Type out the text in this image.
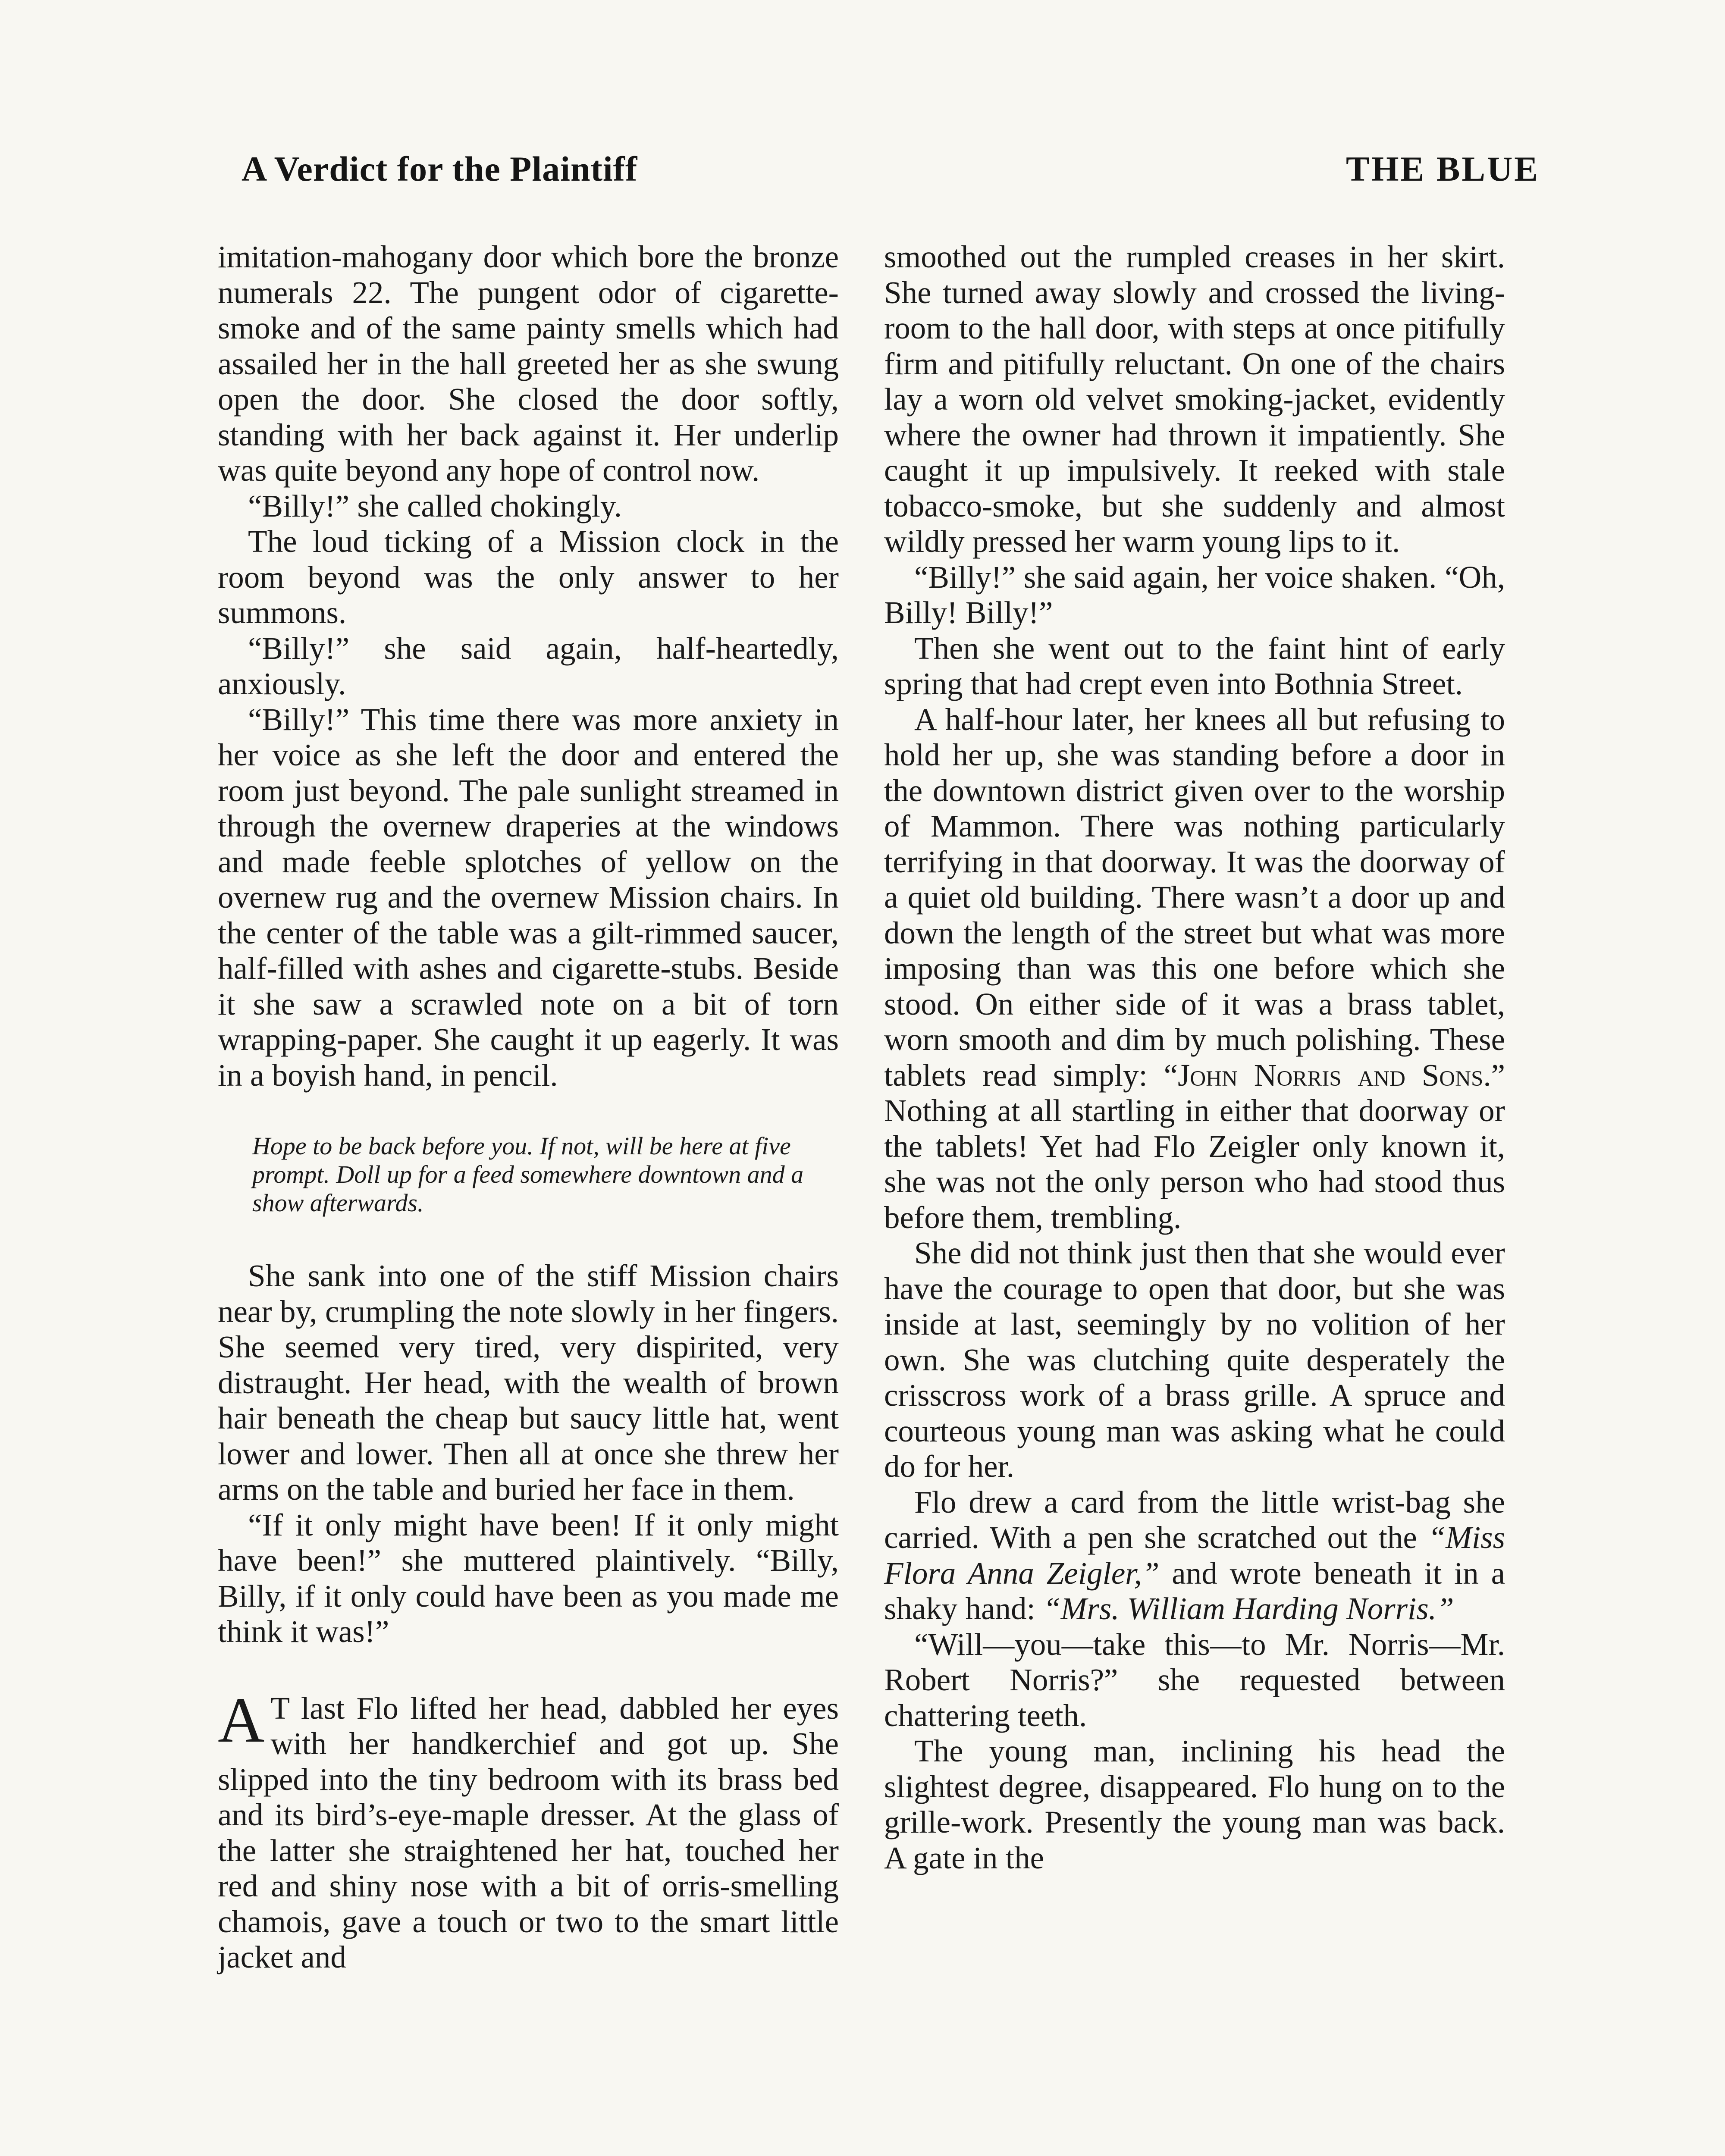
A Verdict for the Plaintiff	THE BLUE

imitation-mahogany door which bore the bronze numerals 22. The pungent odor of cigarette-smoke and of the same painty smells which had assailed her in the hall greeted her as she swung open the door. She closed the door softly, standing with her back against it. Her underlip was quite beyond any hope of control now.

“Billy!” she called chokingly.

The loud ticking of a Mission clock in the room beyond was the only answer to her summons.

“Billy!” she said again, half-heartedly, anxiously.

“Billy!” This time there was more anxiety in her voice as she left the door and entered the room just beyond. The pale sunlight streamed in through the overnew draperies at the windows and made feeble splotches of yellow on the overnew rug and the overnew Mission chairs. In the center of the table was a gilt-rimmed saucer, half-filled with ashes and cigarette-stubs. Beside it she saw a scrawled note on a bit of torn wrapping-paper. She caught it up eagerly. It was in a boyish hand, in pencil.

Hope to be back before you. If not, will be here at five prompt. Doll up for a feed somewhere downtown and a show afterwards.

She sank into one of the stiff Mission chairs near by, crumpling the note slowly in her fingers. She seemed very tired, very dispirited, very distraught. Her head, with the wealth of brown hair beneath the cheap but saucy little hat, went lower and lower. Then all at once she threw her arms on the table and buried her face in them.

“If it only might have been! If it only might have been!” she muttered plaintively. “Billy, Billy, if it only could have been as you made me think it was!”

A T last Flo lifted her head, dabbled her eyes with her handkerchief and got up. She slipped into the tiny bedroom with its brass bed and its bird’s-eye-maple dresser. At the glass of the latter she straightened her hat, touched her red and shiny nose with a bit of orris-smelling chamois, gave a touch or two to the smart little jacket and

smoothed out the rumpled creases in her skirt. She turned away slowly and crossed the living-room to the hall door, with steps at once pitifully firm and pitifully reluctant. On one of the chairs lay a worn old velvet smoking-jacket, evidently where the owner had thrown it impatiently. She caught it up impulsively. It reeked with stale tobacco-smoke, but she suddenly and almost wildly pressed her warm young lips to it.

“Billy!” she said again, her voice shaken. “Oh, Billy! Billy!”

Then she went out to the faint hint of early spring that had crept even into Bothnia Street.

A half-hour later, her knees all but refusing to hold her up, she was standing before a door in the downtown district given over to the worship of Mammon. There was nothing particularly terrifying in that doorway. It was the doorway of a quiet old building. There wasn’t a door up and down the length of the street but what was more imposing than was this one before which she stood. On either side of it was a brass tablet, worn smooth and dim by much polishing. These tablets read simply: “John Norris and Sons.” Nothing at all startling in either that doorway or the tablets! Yet had Flo Zeigler only known it, she was not the only person who had stood thus before them, trembling.

She did not think just then that she would ever have the courage to open that door, but she was inside at last, seemingly by no volition of her own. She was clutching quite desperately the crisscross work of a brass grille. A spruce and courteous young man was asking what he could do for her.

Flo drew a card from the little wrist-bag she carried. With a pen she scratched out the “Miss Flora Anna Zeigler,” and wrote beneath it in a shaky hand: “Mrs. William Harding Norris.”

“Will—you—take this—to Mr. Norris—Mr. Robert Norris?” she requested between chattering teeth.

The young man, inclining his head the slightest degree, disappeared. Flo hung on to the grille-work. Presently the young man was back. A gate in the
